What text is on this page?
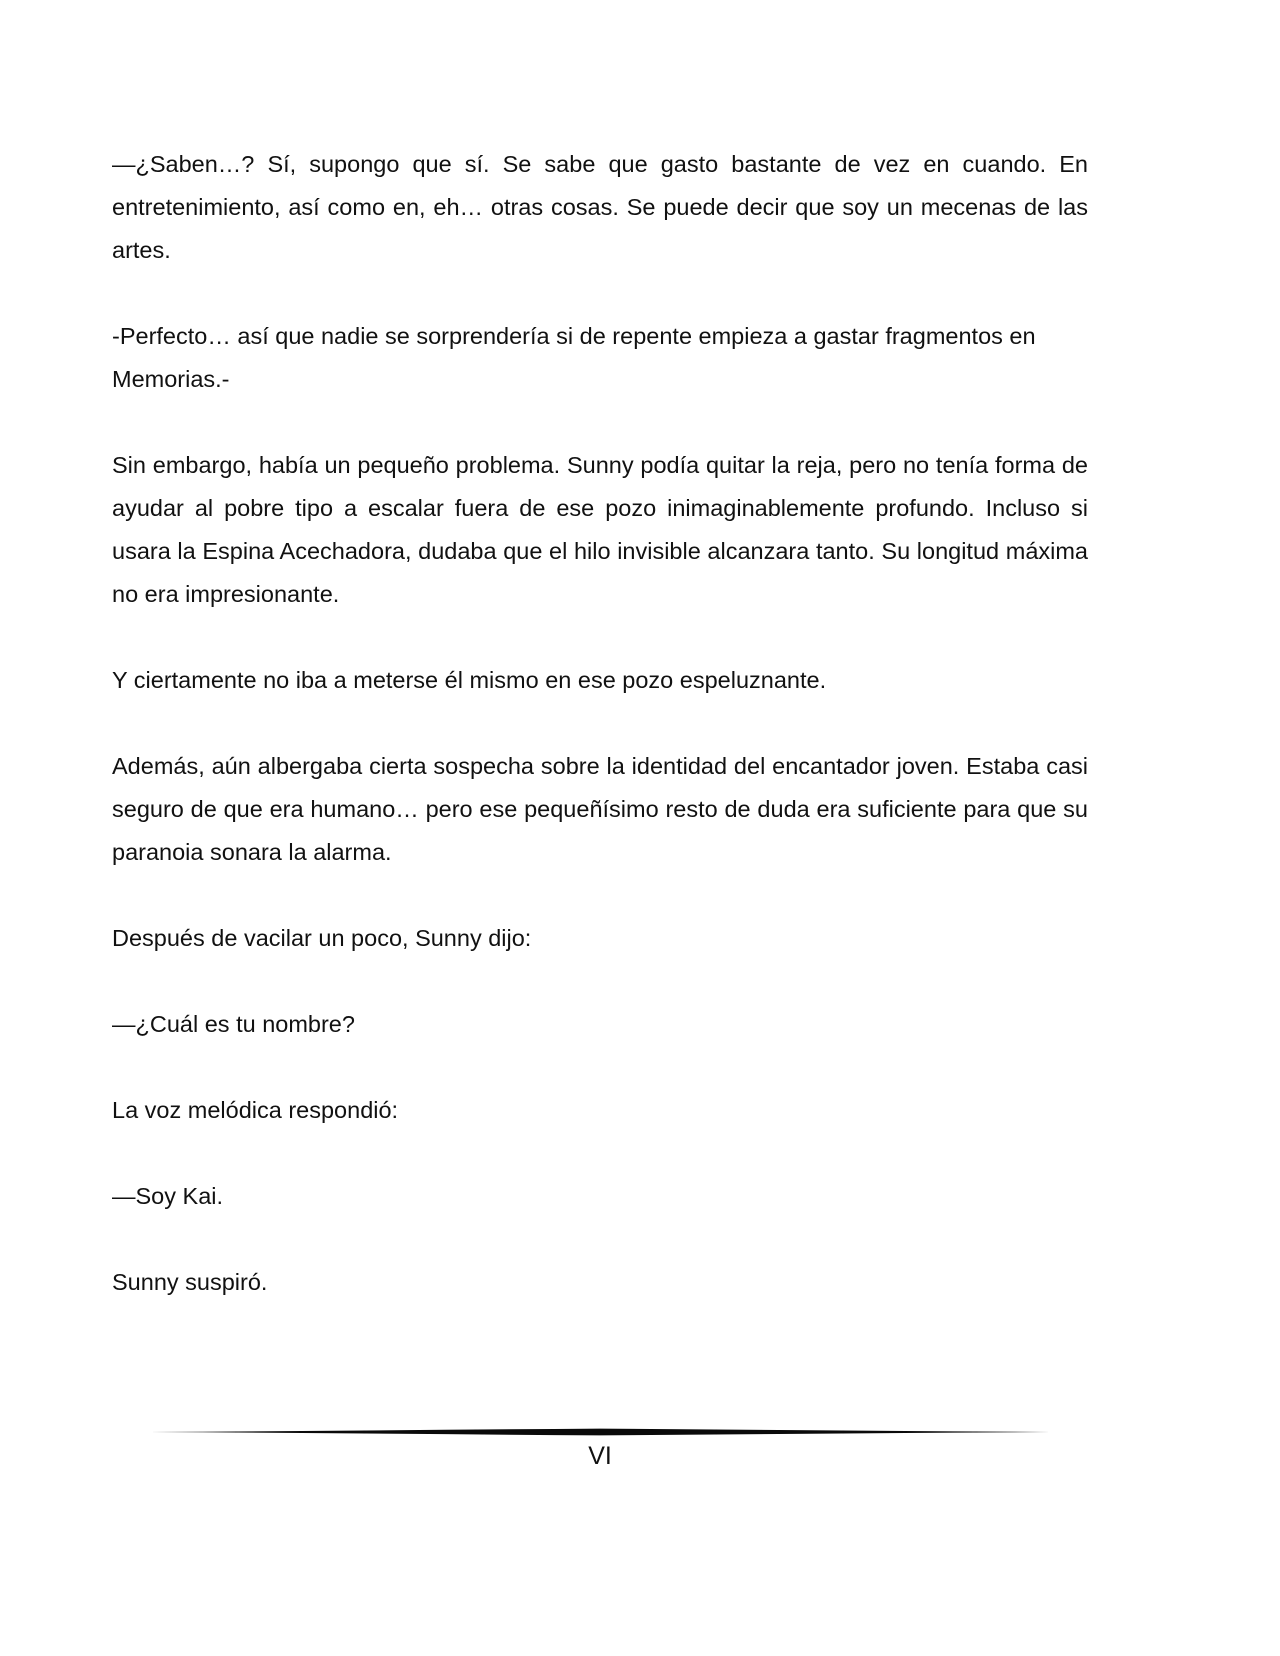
—¿Saben…? Sí, supongo que sí. Se sabe que gasto bastante de vez en cuando. En entretenimiento, así como en, eh… otras cosas. Se puede decir que soy un mecenas de las artes.

-Perfecto… así que nadie se sorprendería si de repente empieza a gastar fragmentos en Memorias.-

Sin embargo, había un pequeño problema. Sunny podía quitar la reja, pero no tenía forma de ayudar al pobre tipo a escalar fuera de ese pozo inimaginablemente profundo. Incluso si usara la Espina Acechadora, dudaba que el hilo invisible alcanzara tanto. Su longitud máxima no era impresionante.

Y ciertamente no iba a meterse él mismo en ese pozo espeluznante.

Además, aún albergaba cierta sospecha sobre la identidad del encantador joven. Estaba casi seguro de que era humano… pero ese pequeñísimo resto de duda era suficiente para que su paranoia sonara la alarma.

Después de vacilar un poco, Sunny dijo:

—¿Cuál es tu nombre?

La voz melódica respondió:

—Soy Kai.

Sunny suspiró.

VI
